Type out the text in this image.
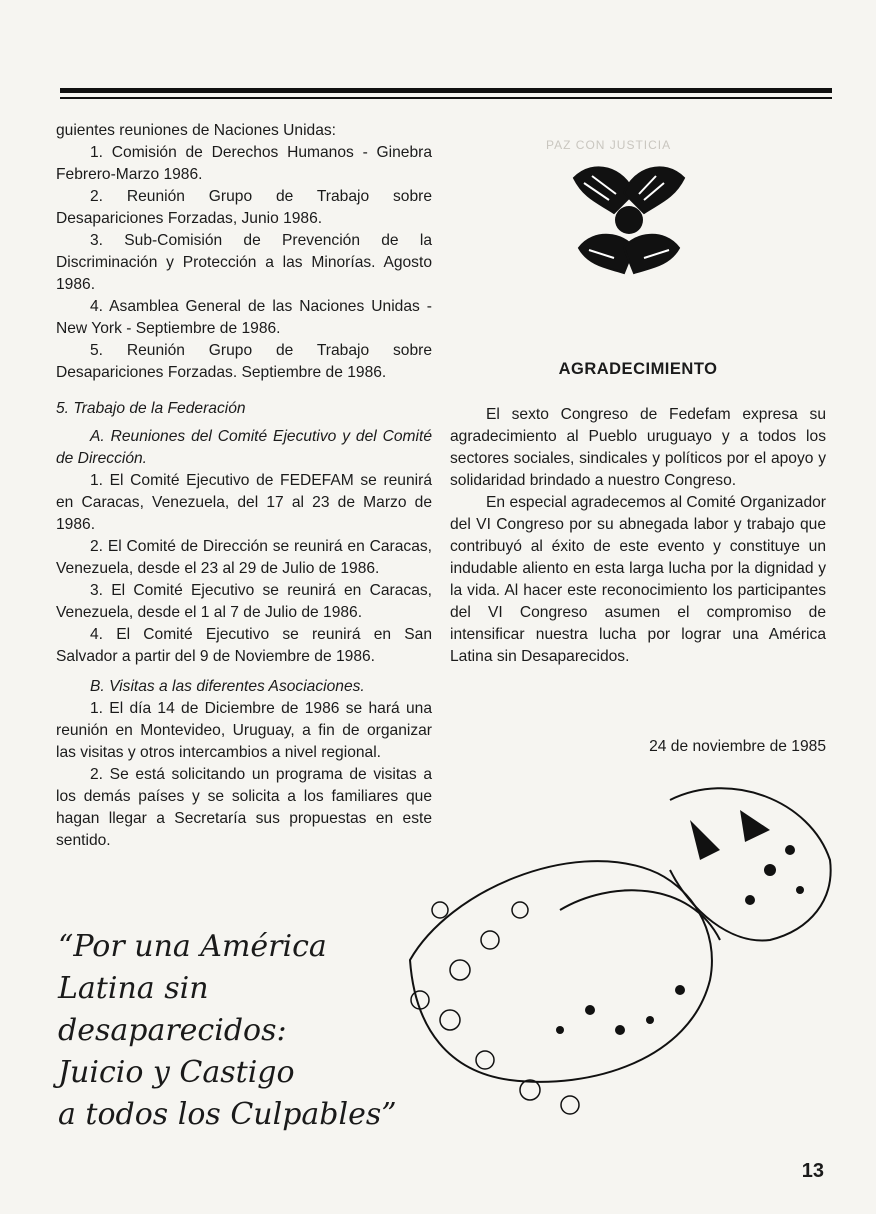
guientes reuniones de Naciones Unidas:

1. Comisión de Derechos Humanos - Ginebra Febrero-Marzo 1986.

2. Reunión Grupo de Trabajo sobre Desapariciones Forzadas, Junio 1986.

3. Sub-Comisión de Prevención de la Discriminación y Protección a las Minorías. Agosto 1986.

4. Asamblea General de las Naciones Unidas - New York - Septiembre de 1986.

5. Reunión Grupo de Trabajo sobre Desapariciones Forzadas. Septiembre de 1986.

5. Trabajo de la Federación

A. Reuniones del Comité Ejecutivo y del Comité de Dirección.

1. El Comité Ejecutivo de FEDEFAM se reunirá en Caracas, Venezuela, del 17 al 23 de Marzo de 1986.

2. El Comité de Dirección se reunirá en Caracas, Venezuela, desde el 23 al 29 de Julio de 1986.

3. El Comité Ejecutivo se reunirá en Caracas, Venezuela, desde el 1 al 7 de Julio de 1986.

4. El Comité Ejecutivo se reunirá en San Salvador a partir del 9 de Noviembre de 1986.

B. Visitas a las diferentes Asociaciones.

1. El día 14 de Diciembre de 1986 se hará una reunión en Montevideo, Uruguay, a fin de organizar las visitas y otros intercambios a nivel regional.

2. Se está solicitando un programa de visitas a los demás países y se solicita a los familiares que hagan llegar a Secretaría sus propuestas en este sentido.

PAZ CON JUSTICIA
AGRADECIMIENTO

El sexto Congreso de Fedefam expresa su agradecimiento al Pueblo uruguayo y a todos los sectores sociales, sindicales y políticos por el apoyo y solidaridad brindado a nuestro Congreso.

En especial agradecemos al Comité Organizador del VI Congreso por su abnegada labor y trabajo que contribuyó al éxito de este evento y constituye un indudable aliento en esta larga lucha por la dignidad y la vida. Al hacer este reconocimiento los participantes del VI Congreso asumen el compromiso de intensificar nuestra lucha por lograr una América Latina sin Desaparecidos.

24 de noviembre de 1985
“Por una América
Latina sin
desaparecidos:
Juicio y Castigo
a todos los Culpables”
13
